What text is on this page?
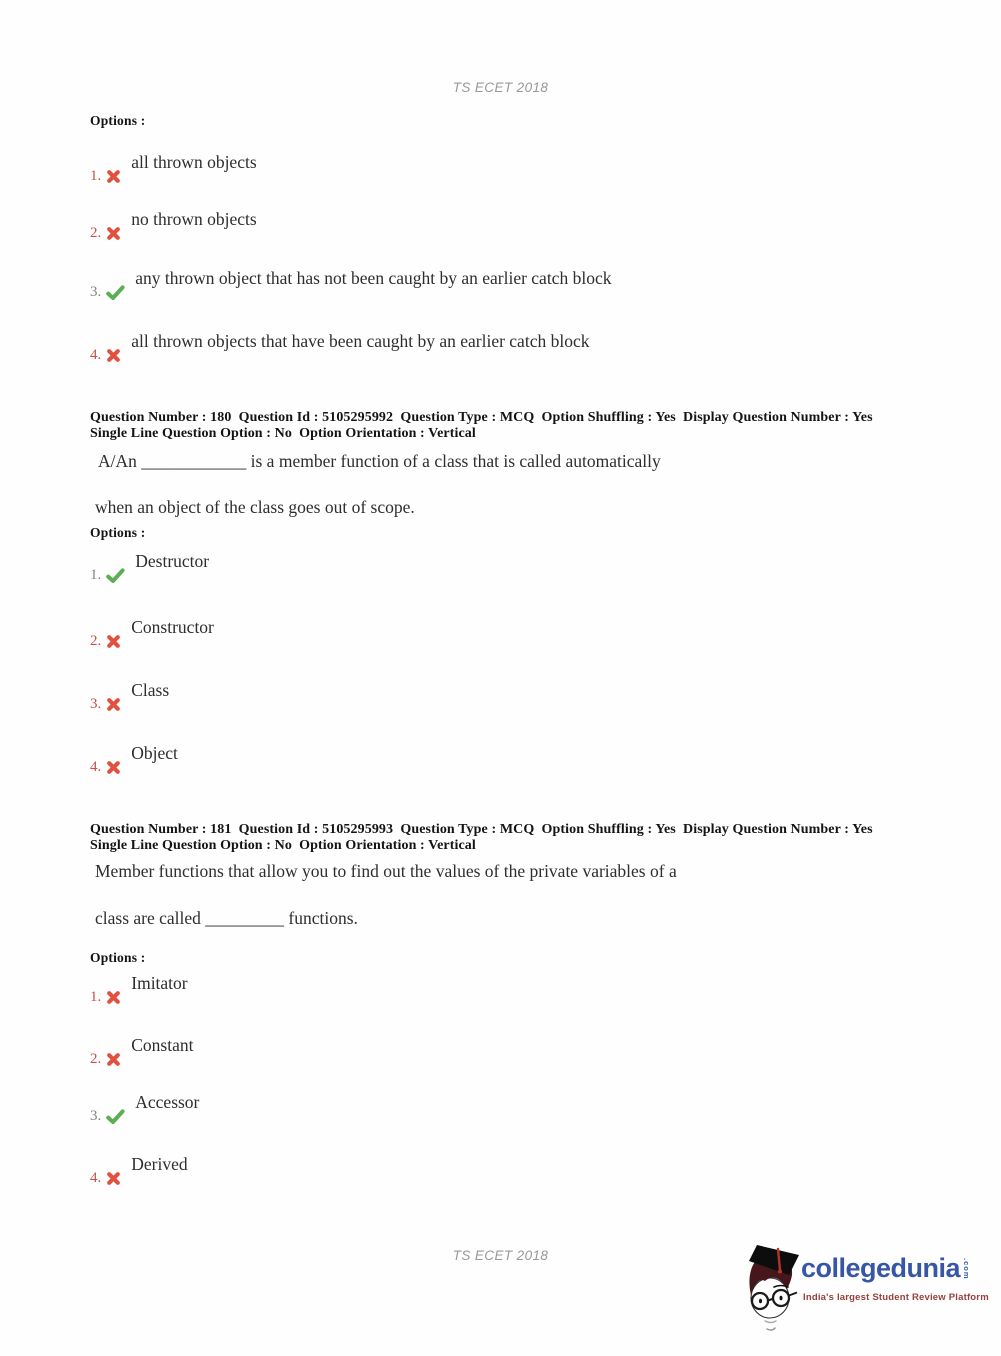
TS ECET 2018
Options :
1.
all thrown objects
2.
no thrown objects
3.
any thrown object that has not been caught by an earlier catch block
4.
all thrown objects that have been caught by an earlier catch block
Question Number : 180  Question Id : 5105295992  Question Type : MCQ  Option Shuffling : Yes  Display Question Number : Yes
Single Line Question Option : No  Option Orientation : Vertical
A/An ____________ is a member function of a class that is called automatically
when an object of the class goes out of scope.
Options :
1.
Destructor
2.
Constructor
3.
Class
4.
Object
Question Number : 181  Question Id : 5105295993  Question Type : MCQ  Option Shuffling : Yes  Display Question Number : Yes
Single Line Question Option : No  Option Orientation : Vertical
Member functions that allow you to find out the values of the private variables of a
class are called _________ functions.
Options :
1.
Imitator
2.
Constant
3.
Accessor
4.
Derived
TS ECET 2018	collegedunia .com
India's largest Student Review Platform
